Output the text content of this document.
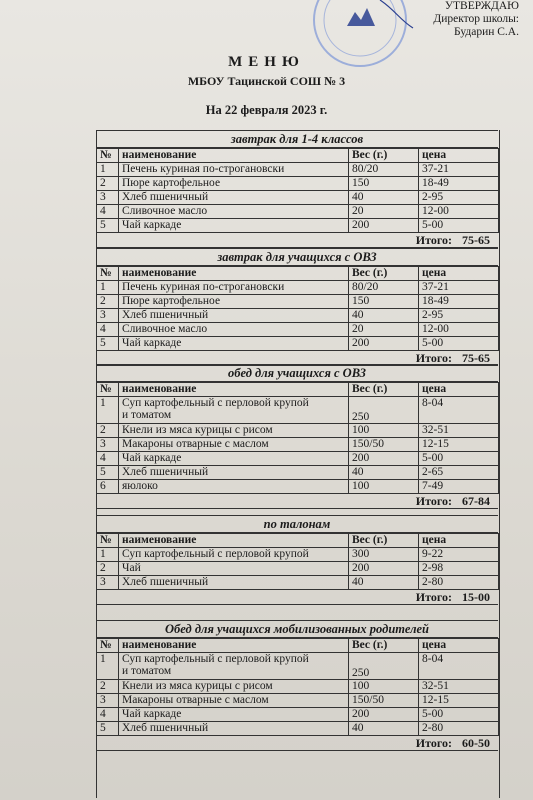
УТВЕРЖДАЮ
Директор школы:
Бударин С.А.
МЕНЮ
МБОУ Тацинской СОШ № 3
На 22 февраля 2023 г.
завтрак для 1-4 классов
№	наименование	Вес (г.)	цена
1	Печень куриная по-строгановски	80/20	37-21
2	Пюре картофельное	150	18-49
3	Хлеб пшеничный	40	2-95
4	Сливочное масло	20	12-00
5	Чай каркаде	200	5-00
Итого: 75-65
завтрак для учащихся с ОВЗ
№	наименование	Вес (г.)	цена
1	Печень куриная по-строгановски	80/20	37-21
2	Пюре картофельное	150	18-49
3	Хлеб пшеничный	40	2-95
4	Сливочное масло	20	12-00
5	Чай каркаде	200	5-00
Итого: 75-65
обед для учащихся с ОВЗ
№	наименование	Вес (г.)	цена
1	Суп картофельный с перловой крупой
и томатом	250	8-04
2	Кнели из мяса курицы с рисом	100	32-51
3	Макароны отварные с маслом	150/50	12-15
4	Чай каркаде	200	5-00
5	Хлеб пшеничный	40	2-65
6	яюлоко	100	7-49
Итого: 67-84
по талонам
№	наименование	Вес (г.)	цена
1	Суп картофельный с перловой крупой	300	9-22
2	Чай	200	2-98
3	Хлеб пшеничный	40	2-80
Итого: 15-00
Обед для учащихся мобилизованных родителей
№	наименование	Вес (г.)	цена
1	Суп картофельный с перловой крупой
и томатом	250	8-04
2	Кнели из мяса курицы с рисом	100	32-51
3	Макароны отварные с маслом	150/50	12-15
4	Чай каркаде	200	5-00
5	Хлеб пшеничный	40	2-80
Итого: 60-50
